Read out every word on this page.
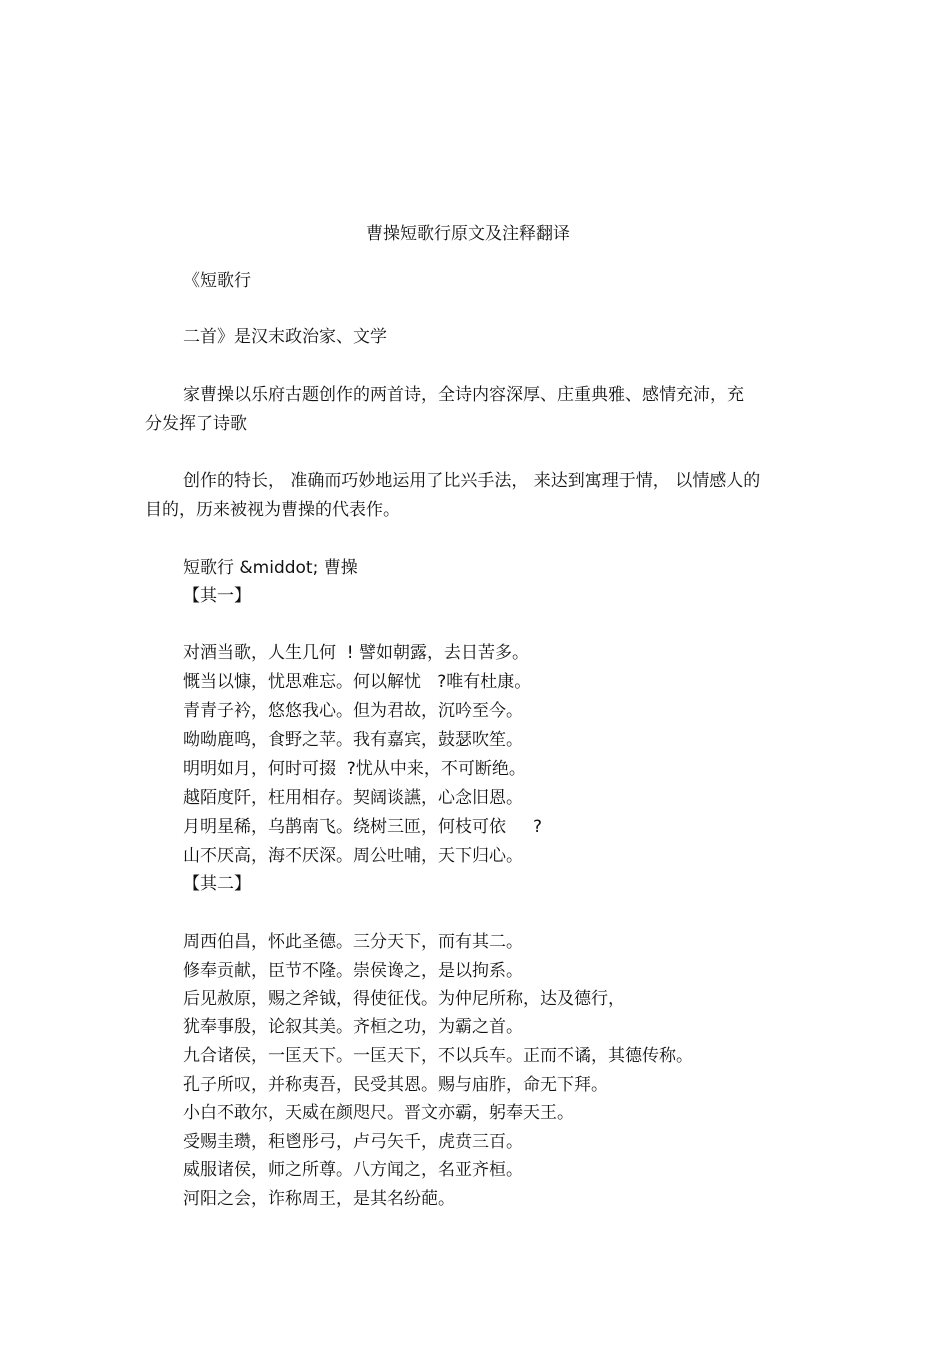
曹操短歌行原文及注释翻译
《短歌行
二首》是汉末政治家、文学
家曹操以乐府古题创作的两首诗，全诗内容深厚、庄重典雅、感情充沛，充
分发挥了诗歌
创作的特长， 准确而巧妙地运用了比兴手法， 来达到寓理于情， 以情感人的
目的，历来被视为曹操的代表作。
短歌行 &middot; 曹操
【其一】
对酒当歌，人生几何  ! 譬如朝露，去日苦多。
慨当以慷，忧思难忘。何以解忧   ?唯有杜康。
青青子衿，悠悠我心。但为君故，沉吟至今。
呦呦鹿鸣，食野之苹。我有嘉宾，鼓瑟吹笙。
明明如月，何时可掇  ?忧从中来，不可断绝。
越陌度阡，枉用相存。契阔谈讌，心念旧恩。
月明星稀，乌鹊南飞。绕树三匝，何枝可依     ?
山不厌高，海不厌深。周公吐哺，天下归心。
【其二】
周西伯昌，怀此圣德。三分天下，而有其二。
修奉贡献，臣节不隆。崇侯谗之，是以拘系。
后见赦原，赐之斧钺，得使征伐。为仲尼所称，达及德行，
犹奉事殷，论叙其美。齐桓之功，为霸之首。
九合诸侯，一匡天下。一匡天下，不以兵车。正而不谲，其德传称。
孔子所叹，并称夷吾，民受其恩。赐与庙胙，命无下拜。
小白不敢尔，天威在颜咫尺。晋文亦霸，躬奉天王。
受赐圭瓒，秬鬯彤弓，卢弓矢千，虎贲三百。
威服诸侯，师之所尊。八方闻之，名亚齐桓。
河阳之会，诈称周王，是其名纷葩。
